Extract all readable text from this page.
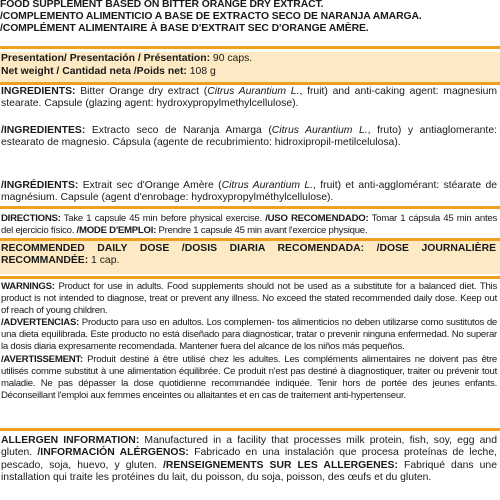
FOOD SUPPLEMENT BASED ON BITTER ORANGE DRY EXTRACT.
/COMPLEMENTO ALIMENTICIO A BASE DE EXTRACTO SECO DE NARANJA AMARGA.
/COMPLÉMENT ALIMENTAIRE À BASE D'EXTRAIT SEC D'ORANGE AMÈRE.
Presentation/ Presentación / Présentation: 90 caps.
Net weight / Cantidad neta /Poids net: 108 g

INGREDIENTS: Bitter Orange dry extract (Citrus Aurantium L., fruit) and anti-caking agent: magnesium stearate. Capsule (glazing agent: hydroxypropylmethylcellulose).

/INGREDIENTES: Extracto seco de Naranja Amarga (Citrus Aurantium L., fruto) y antiaglomerante: estearato de magnesio. Cápsula (agente de recubrimiento: hidroxipropil-metilcelulosa).

/INGRÉDIENTS: Extrait sec d'Orange Amère (Citrus Aurantium L., fruit) et anti-agglomérant: stéarate de magnésium. Capsule (agent d'enrobage: hydroxypropylméthylcellulose).

DIRECTIONS: Take 1 capsule 45 min before physical exercise. /USO RECOMENDADO: Tomar 1 cápsula 45 min antes del ejercicio físico. /MODE D'EMPLOI: Prendre 1 capsule 45 min avant l'exercice physique.

RECOMMENDED DAILY DOSE /DOSIS DIARIA RECOMENDADA: /DOSE JOURNALIÈRE RECOMMANDÉE: 1 cap.

WARNINGS: Product for use in adults. Food supplements should not be used as a substitute for a balanced diet. This product is not intended to diagnose, treat or prevent any illness. No exceed the stated recommended daily dose. Keep out of reach of young children.

/ADVERTENCIAS: Producto para uso en adultos. Los complemen- tos alimenticios no deben utilizarse como sustitutos de una dieta equilibrada. Este producto no está diseñado para diagnosticar, tratar o prevenir ninguna enfermedad. No superar la dosis diaria expresamente recomendada. Mantener fuera del alcance de los niños más pequeños.

/AVERTISSEMENT: Produit destiné à être utilisé chez les adultes. Les compléments alimentaires ne doivent pas être utilisés comme substitut à une alimentation équilibrée. Ce produit n'est pas destiné à diagnostiquer, traiter ou prévenir tout maladie. Ne pas dépasser la dose quotidienne recommandée indiquée. Tenir hors de portée des jeunes enfants. Déconseillant l'emploi aux femmes enceintes ou allaitantes et en cas de traitement anti-hypertenseur.

ALLERGEN INFORMATION: Manufactured in a facility that processes milk protein, fish, soy, egg and gluten. /INFORMACIÓN ALÉRGENOS: Fabricado en una instalación que procesa proteínas de leche, pescado, soja, huevo, y gluten. /RENSEIGNEMENTS SUR LES ALLERGENES: Fabriqué dans une installation qui traite les protéines du lait, du poisson, du soja, poisson, des œufs et du gluten.
